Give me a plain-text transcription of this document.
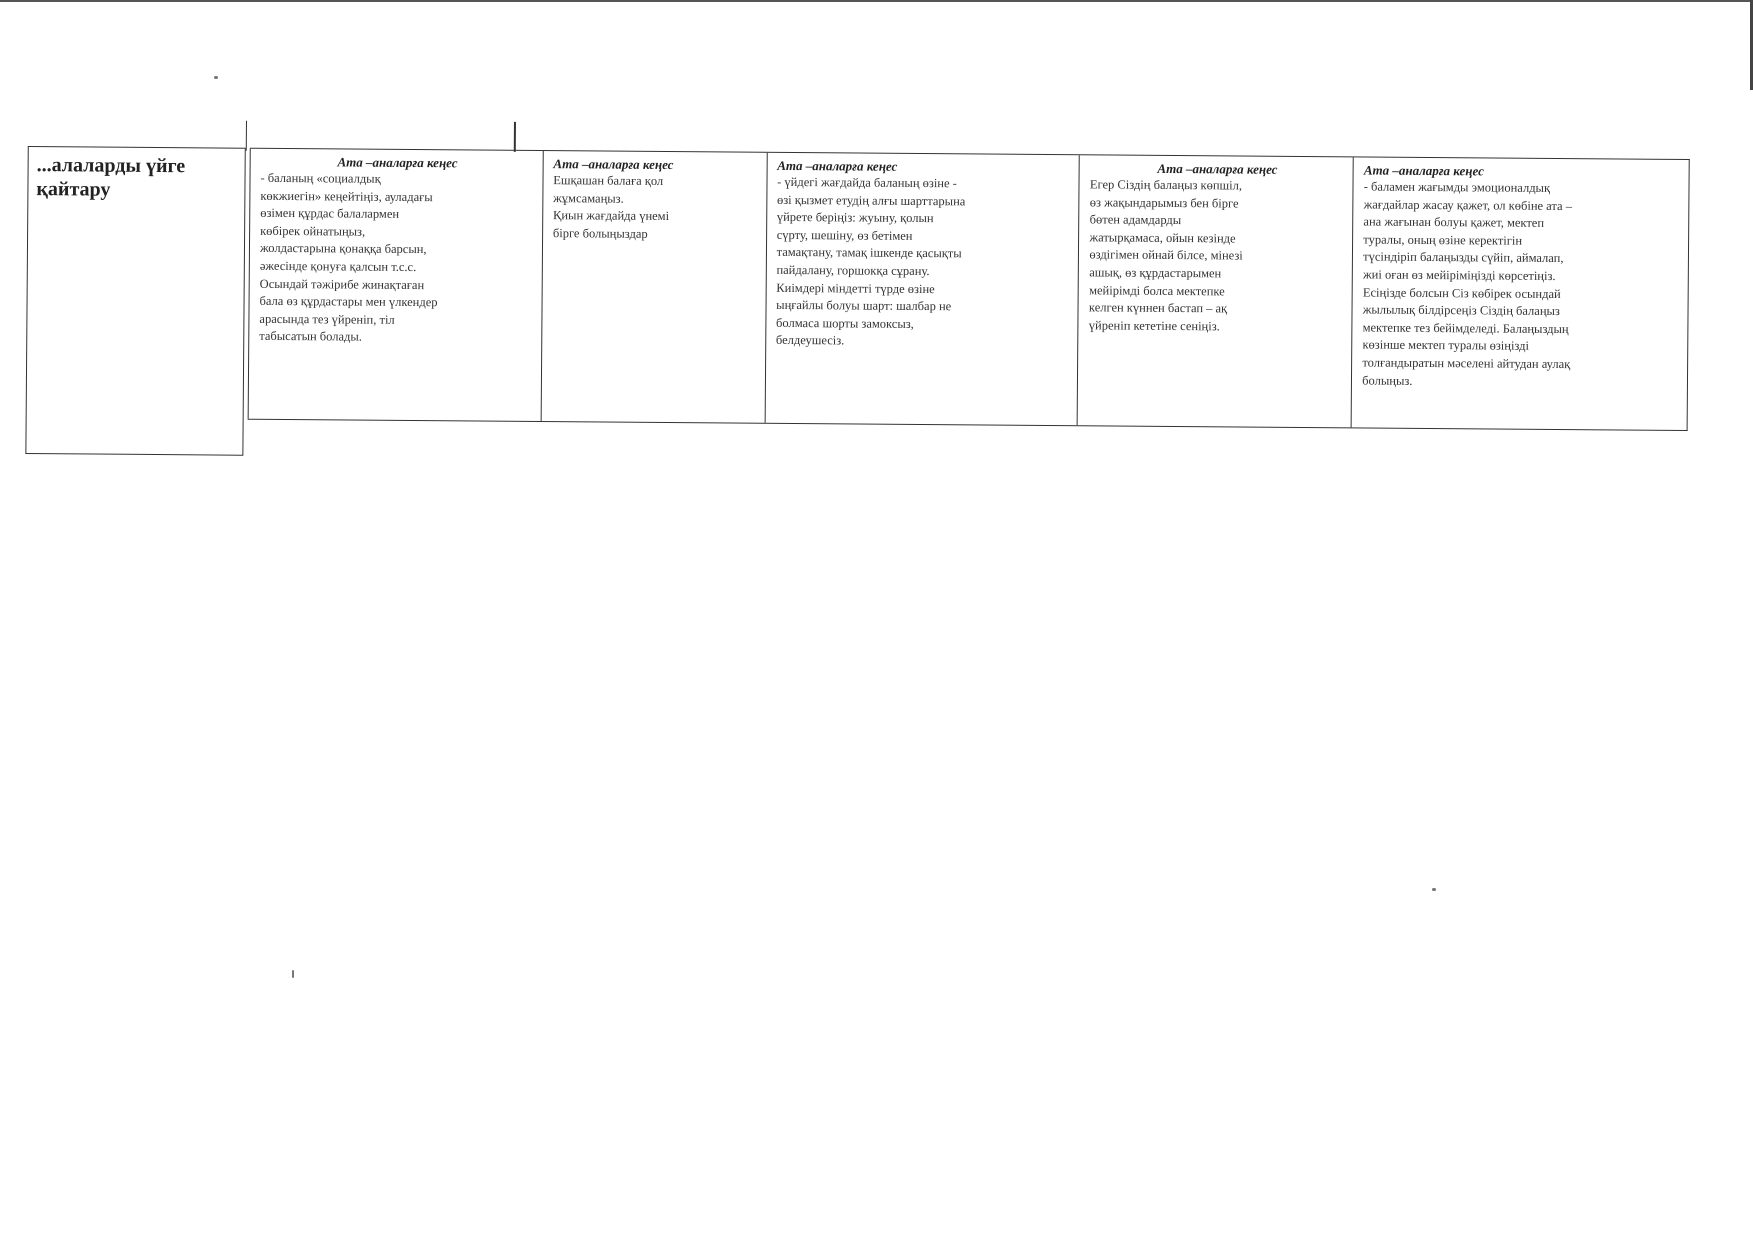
...алаларды үйге қайтару
Ата –аналарға кеңес
- баланың «социалдық
көкжиегін» кеңейтіңіз, ауладағы
өзімен құрдас балалармен
көбірек ойнатыңыз,
жолдастарына қонаққа барсын,
әжесінде қонуға қалсын т.с.с.
Осындай тәжірибе жинақтаған
бала өз құрдастары мен үлкендер
арасында тез үйреніп, тіл
табысатын болады.
Ата –аналарға кеңес
Ешқашан балаға қол
жұмсамаңыз.
Қиын жағдайда үнемі
бірге болыңыздар
Ата –аналарға кеңес
- үйдегі жағдайда баланың өзіне -
өзі қызмет етудің алғы шарттарына
үйрете беріңіз: жуыну, қолын
сүрту, шешіну, өз бетімен
тамақтану, тамақ ішкенде қасықты
пайдалану, горшокқа сұрану.
Киімдері міндетті түрде өзіне
ыңғайлы болуы шарт: шалбар не
болмаса шорты замоксыз,
белдеушесіз.
Ата –аналарға кеңес
Егер Сіздің балаңыз көпшіл,
өз жақындарымыз бен бірге
бөтен адамдарды
жатырқамаса, ойын кезінде
өздігімен ойнай білсе, мінезі
ашық, өз құрдастарымен
мейірімді болса мектепке
келген күннен бастап – ақ
үйреніп кететіне сеніңіз.
Ата –аналарға кеңес
- баламен жағымды эмоционалдық
жағдайлар жасау қажет, ол көбіне ата –
ана жағынан болуы қажет, мектеп
туралы, оның өзіне керектігін
түсіндіріп балаңызды сүйіп, аймалап,
жиі оған өз мейіріміңізді көрсетіңіз.
Есіңізде болсын Сіз көбірек осындай
жылылық білдірсеңіз Сіздің балаңыз
мектепке тез бейімделеді. Балаңыздың
көзінше мектеп туралы өзіңізді
толғандыратын мәселені айтудан аулақ
болыңыз.
